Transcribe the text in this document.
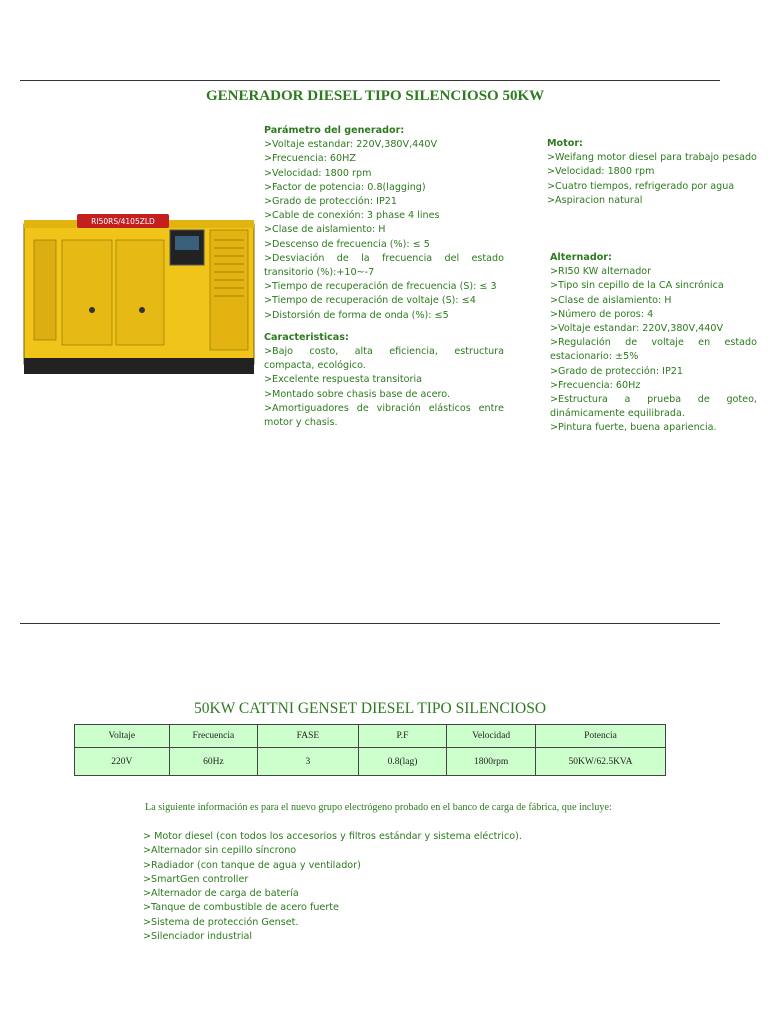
GENERADOR DIESEL TIPO SILENCIOSO 50KW
RI50RS/4105ZLD
Parámetro del generador:
>Voltaje estandar: 220V,380V,440V
>Frecuencia: 60HZ
>Velocidad: 1800 rpm
>Factor de potencia: 0.8(lagging)
>Grado de protección: IP21
>Cable de conexión: 3 phase 4 lines
>Clase de aislamiento: H
>Descenso de frecuencia (%): ≤ 5
>Desviación de la frecuencia del estado transitorio (%):+10~-7
>Tiempo de recuperación de frecuencia (S): ≤ 3
>Tiempo de recuperación de voltaje (S): ≤4
>Distorsión de forma de onda (%): ≤5
Caracteristicas:
>Bajo costo, alta eficiencia, estructura compacta, ecológico.
>Excelente respuesta transitoria
>Montado sobre chasis base de acero.
>Amortiguadores de vibración elásticos entre motor y chasis.
Motor:
>Weifang motor diesel para trabajo pesado
>Velocidad: 1800 rpm
>Cuatro tiempos, refrigerado por agua
>Aspiracion natural
Alternador:
>RI50 KW alternador
>Tipo sin cepillo de la CA sincrónica
>Clase de aislamiento: H
>Número de poros: 4
>Voltaje estandar: 220V,380V,440V
>Regulación de voltaje en estado estacionario: ±5%
>Grado de protección: IP21
>Frecuencia: 60Hz
>Estructura a prueba de goteo, dinámicamente equilibrada.
>Pintura fuerte, buena apariencia.
50KW CATTNI GENSET DIESEL TIPO SILENCIOSO
Voltaje	Frecuencia	FASE	P.F	Velocidad	Potencia
220V	60Hz	3	0.8(lag)	1800rpm	50KW/62.5KVA
La siguiente información es para el nuevo grupo electrógeno probado en el banco de carga de fábrica, que incluye:
> Motor diesel (con todos los accesorios y filtros estándar y sistema eléctrico).
>Alternador sin cepillo síncrono
>Radiador (con tanque de agua y ventilador)
>SmartGen controller
>Alternador de carga de batería
>Tanque de combustible de acero fuerte
>Sistema de protección Genset.
>Silenciador industrial
